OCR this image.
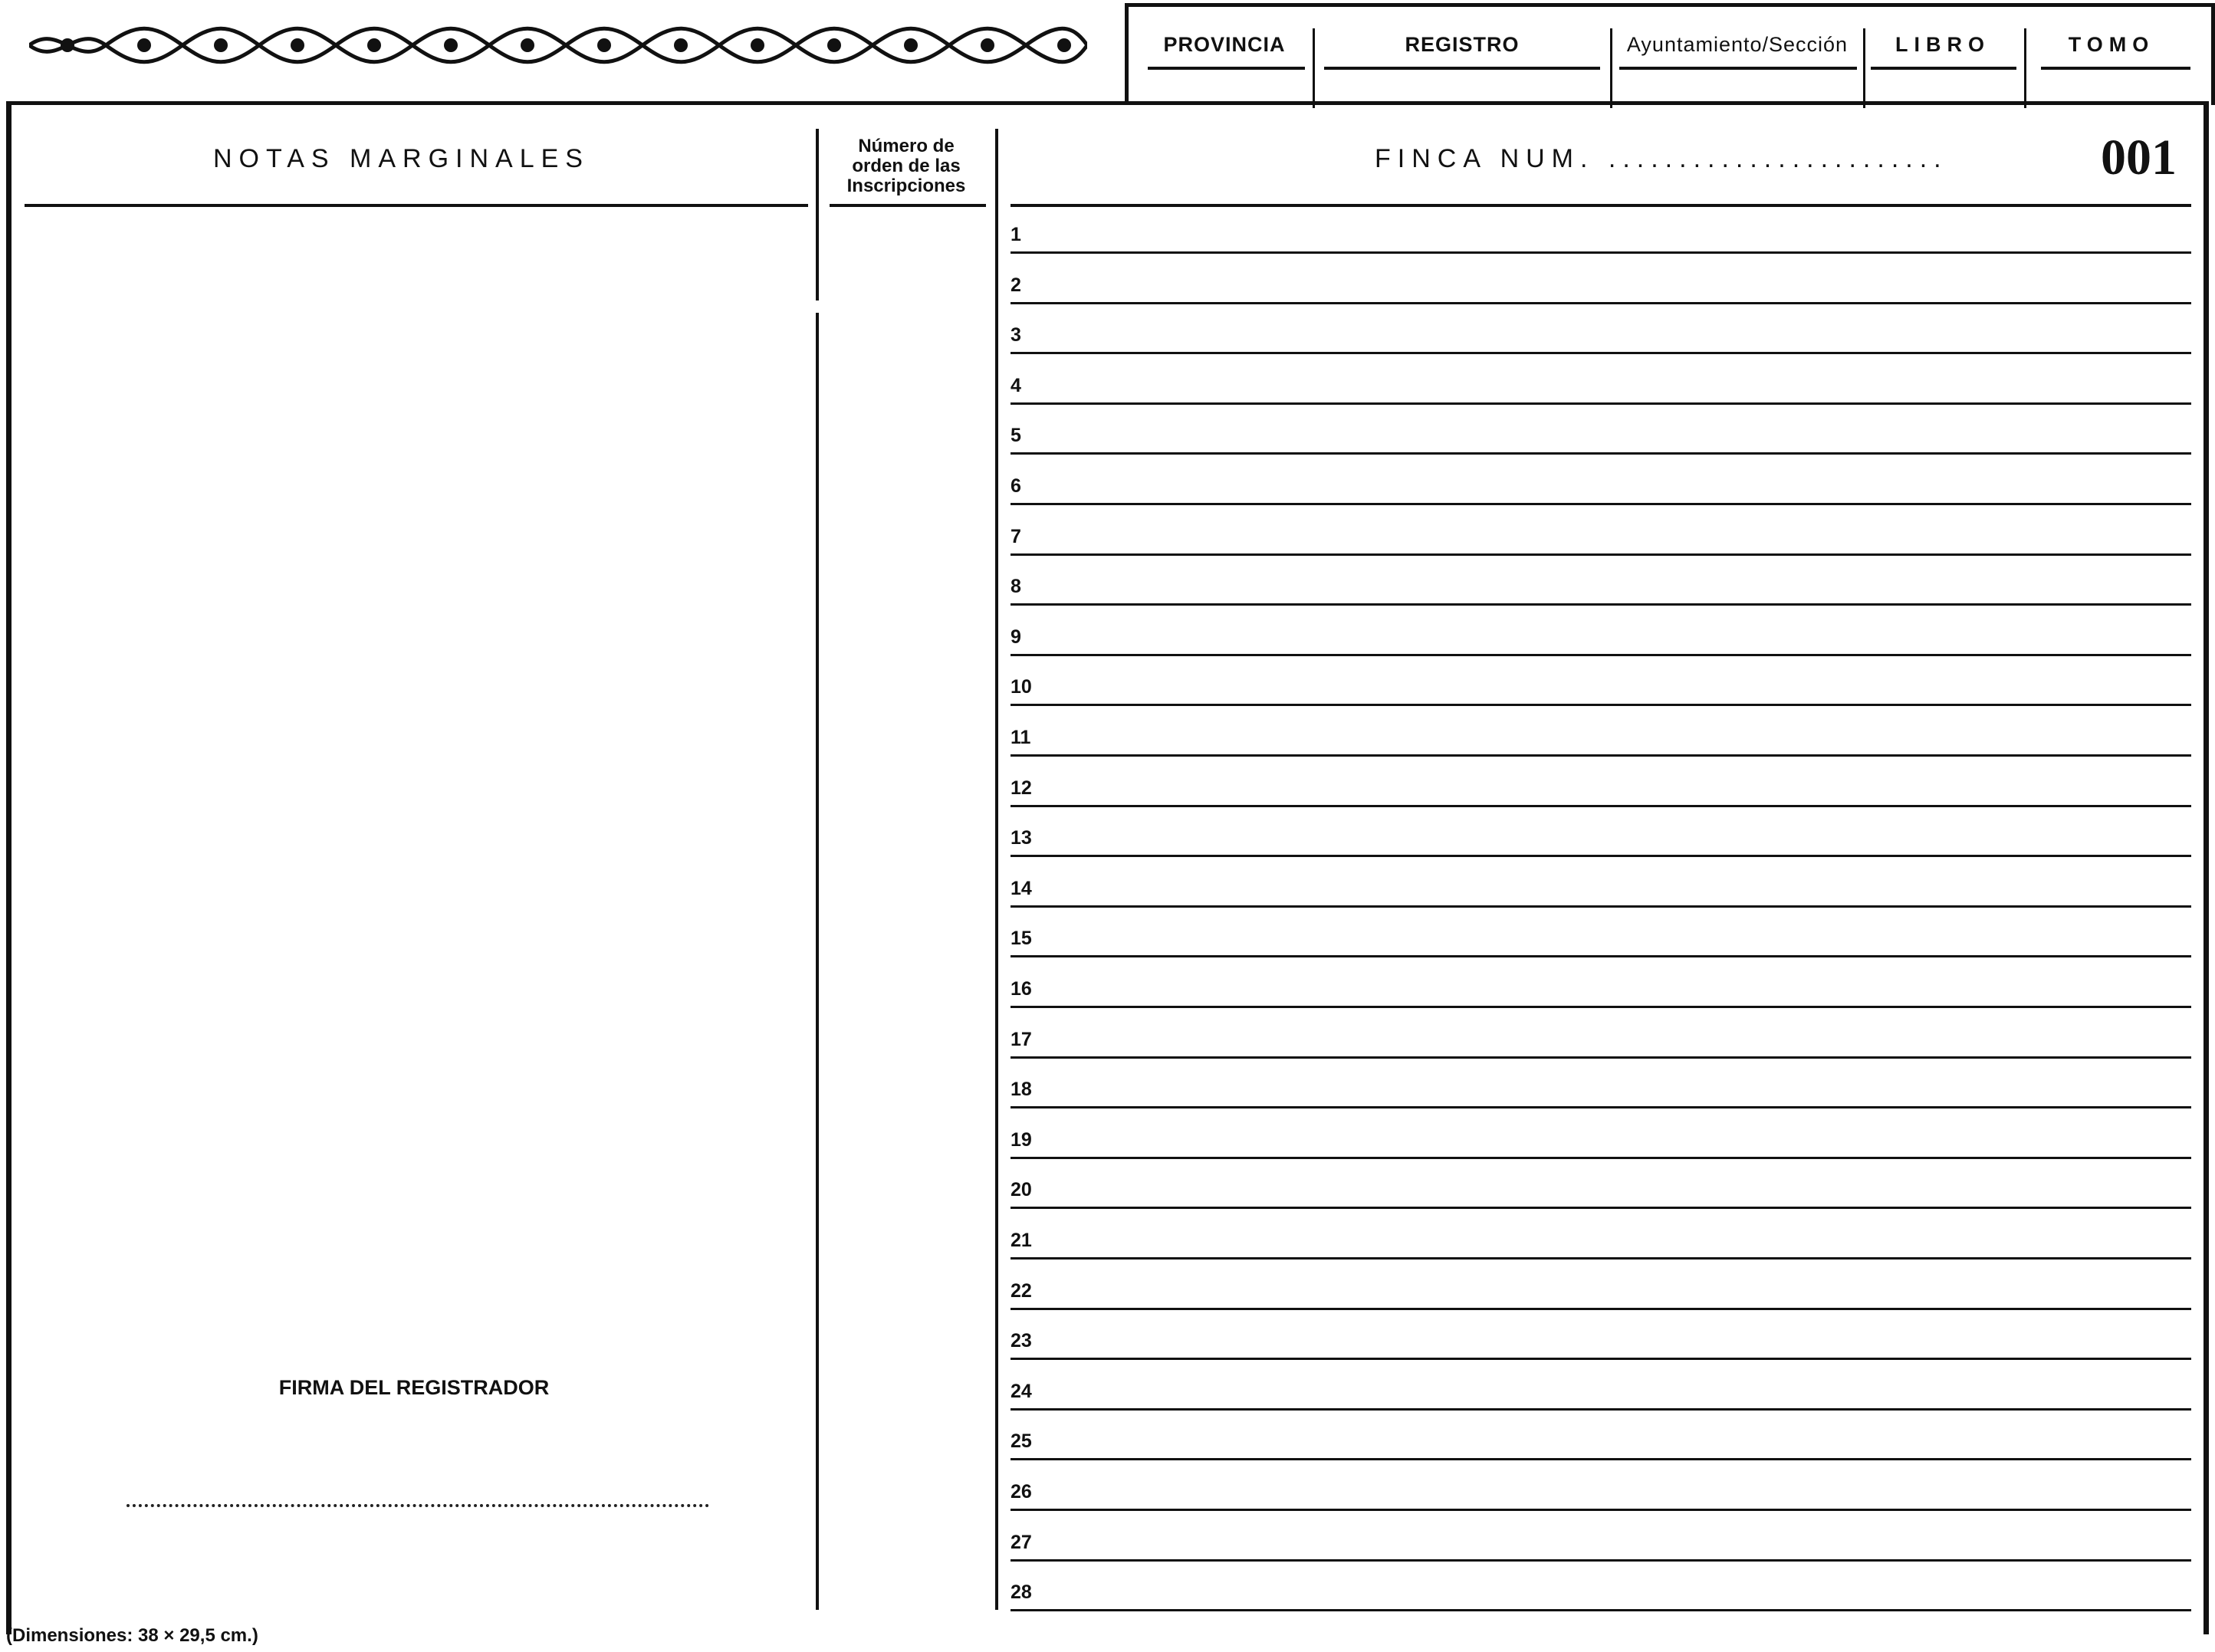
PROVINCIA	REGISTRO	Ayuntamiento/Sección	LIBRO	TOMO
NOTAS MARGINALES	Número de
orden de las
Inscripciones
FINCA NUM. ........................	001
1
2
3
4
5
6
7
8
9
10
11
12
13
14
15
16
17
18
19
20
21
22
23
24
25
26
27
28
FIRMA DEL REGISTRADOR
(Dimensiones: 38 × 29,5 cm.)
